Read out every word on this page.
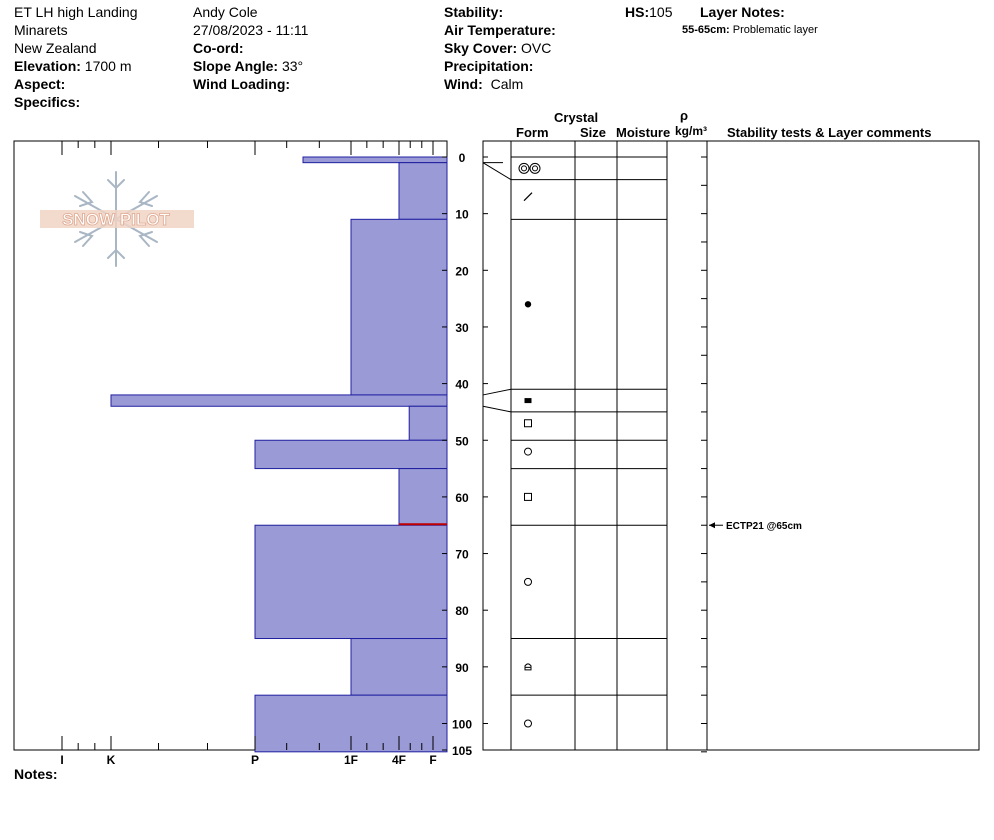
ET LH high Landing
Minarets
New Zealand
Elevation: 1700 m
Aspect:
Specifics:
Andy Cole
27/08/2023 - 11:11
Co-ord:
Slope Angle: 33°
Wind Loading:
Stability:
Air Temperature:
Sky Cover: OVC
Precipitation:
Wind: Calm
HS:105 Layer Notes:
55-65cm: Problematic layer
Crystal
Form Size Moisture
ρ
kg/m³ Stability tests & Layer comments
I	K	P	1F	4F F
0
10
20
30
40
50
60
70
80
90
100
105
ECTP21 @65cm
SNOW PILOT
Notes:
